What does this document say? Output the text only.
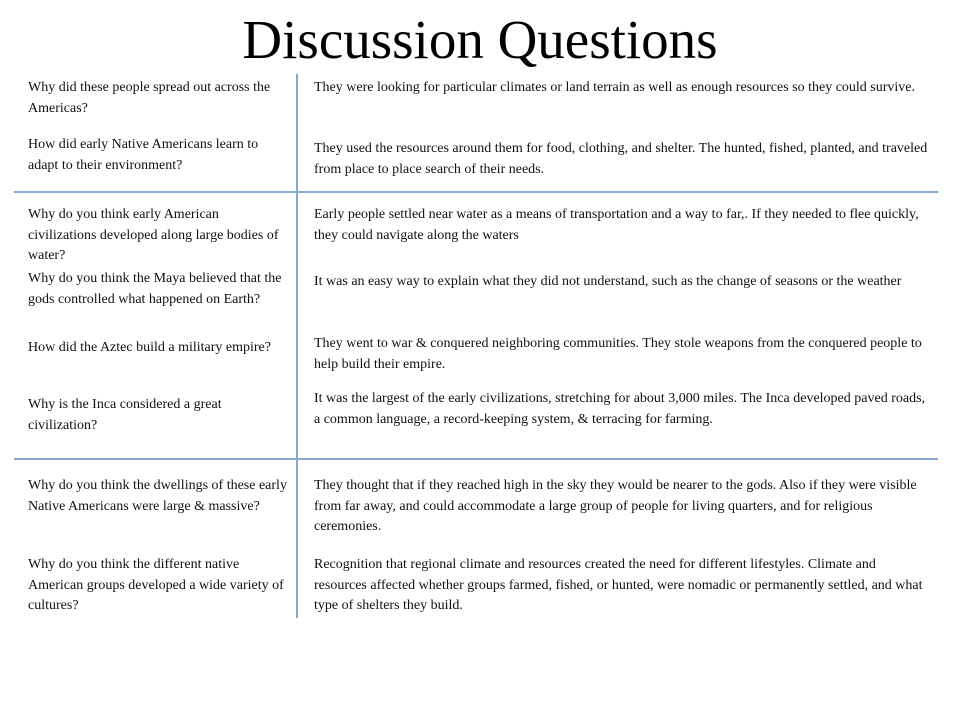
Discussion Questions
Why did these people spread out across the Americas?
They were looking for particular climates or land terrain as well as enough resources so they could survive.
How did early Native Americans learn to adapt to their environment?
They used the resources around them for food, clothing, and shelter. The hunted, fished, planted, and traveled from place to place search of their needs.
Why do you think early American civilizations developed along large bodies of water?
Early people settled near water as a means of transportation and a way to far,. If they needed to flee quickly, they could navigate along the waters
Why do you think the Maya believed that the gods controlled what happened on Earth?
It was an easy way to explain what they did not understand, such as the change of seasons or the weather
How did the Aztec build a military empire?	They went to war & conquered neighboring communities. They stole weapons from the conquered people to help build their empire.
Why is the Inca considered a great civilization?
It was the largest of the early civilizations, stretching for about 3,000 miles. The Inca developed paved roads, a common language, a record-keeping system, & terracing for farming.
Why do you think the dwellings of these early Native Americans were large & massive?
They thought that if they reached high in the sky they would be nearer to the gods. Also if they were visible from far away, and could accommodate a large group of people for living quarters, and for religious ceremonies.
Why do you think the different native American groups developed a wide variety of cultures?
Recognition that regional climate and resources created the need for different lifestyles. Climate and resources affected whether groups farmed, fished, or hunted, were nomadic or permanently settled, and what type of shelters they build.
